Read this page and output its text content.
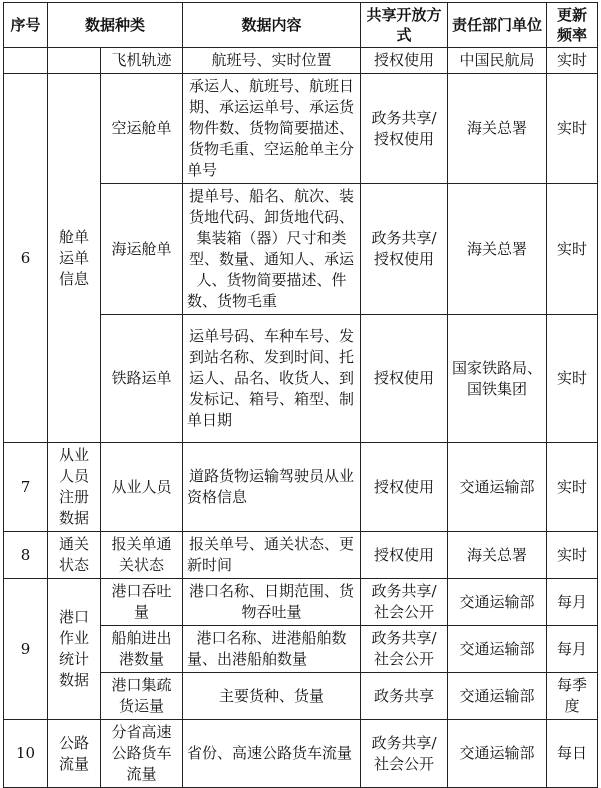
序号	数据种类		数据内容	共享开放方式	责任部门单位	更新频率
		飞机轨迹	航班号、实时位置	授权使用	中国民航局	实时
6	舱单运单信息	空运舱单	承运人、航班号、航班日期、承运运单号、承运货物件数、货物简要描述、货物毛重、空运舱单主分单号	政务共享/授权使用	海关总署	实时
		海运舱单	提单号、船名、航次、装货地代码、卸货地代码、集装箱（器）尺寸和类型、数量、通知人、承运人、货物简要描述、件数、货物毛重	政务共享/授权使用	海关总署	实时
		铁路运单	运单号码、车种车号、发到站名称、发到时间、托运人、品名、收货人、到发标记、箱号、箱型、制单日期	授权使用	国家铁路局、国铁集团	实时
7	从业人员注册数据	从业人员	道路货物运输驾驶员从业资格信息	授权使用	交通运输部	实时
8	通关状态	报关单通关状态	报关单号、通关状态、更新时间	授权使用	海关总署	实时
9	港口作业统计数据	港口吞吐量	港口名称、日期范围、货物吞吐量	政务共享/社会公开	交通运输部	每月
		船舶进出港数量	港口名称、进港船舶数量、出港船舶数量	政务共享/社会公开	交通运输部	每月
		港口集疏货运量	主要货种、货量	政务共享	交通运输部	每季度
10	公路流量	分省高速公路货车流量	省份、高速公路货车流量	政务共享/社会公开	交通运输部	每日
